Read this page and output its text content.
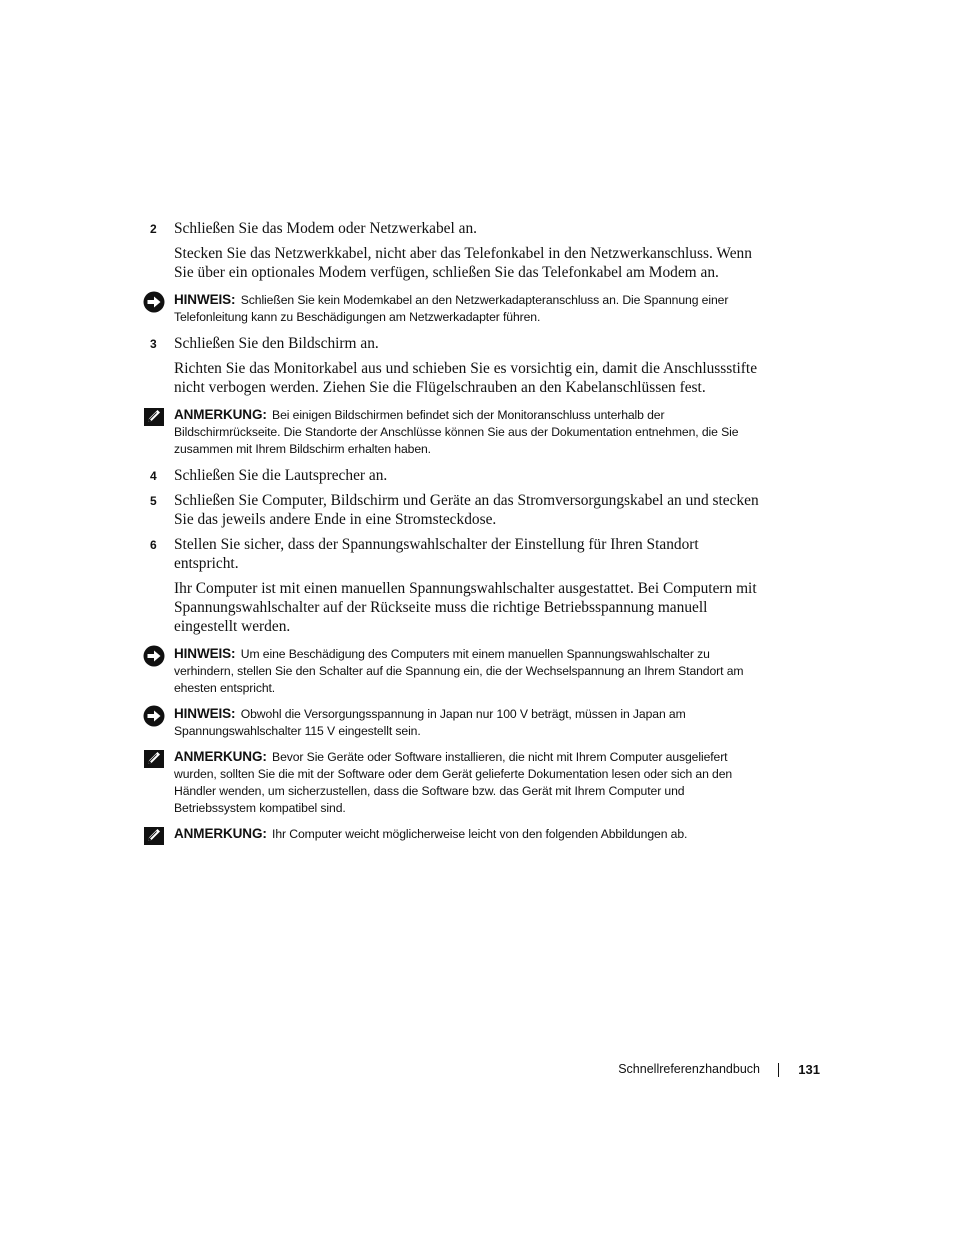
2 Schließen Sie das Modem oder Netzwerkabel an.
Stecken Sie das Netzwerkkabel, nicht aber das Telefonkabel in den Netzwerkanschluss. Wenn Sie über ein optionales Modem verfügen, schließen Sie das Telefonkabel am Modem an.
HINWEIS: Schließen Sie kein Modemkabel an den Netzwerkadapteranschluss an. Die Spannung einer Telefonleitung kann zu Beschädigungen am Netzwerkadapter führen.
3 Schließen Sie den Bildschirm an.
Richten Sie das Monitorkabel aus und schieben Sie es vorsichtig ein, damit die Anschlussstifte nicht verbogen werden. Ziehen Sie die Flügelschrauben an den Kabelanschlüssen fest.
ANMERKUNG: Bei einigen Bildschirmen befindet sich der Monitoranschluss unterhalb der Bildschirmrückseite. Die Standorte der Anschlüsse können Sie aus der Dokumentation entnehmen, die Sie zusammen mit Ihrem Bildschirm erhalten haben.
4 Schließen Sie die Lautsprecher an.
5 Schließen Sie Computer, Bildschirm und Geräte an das Stromversorgungskabel an und stecken Sie das jeweils andere Ende in eine Stromsteckdose.
6 Stellen Sie sicher, dass der Spannungswahlschalter der Einstellung für Ihren Standort entspricht.
Ihr Computer ist mit einen manuellen Spannungswahlschalter ausgestattet. Bei Computern mit Spannungswahlschalter auf der Rückseite muss die richtige Betriebsspannung manuell eingestellt werden.
HINWEIS: Um eine Beschädigung des Computers mit einem manuellen Spannungswahlschalter zu verhindern, stellen Sie den Schalter auf die Spannung ein, die der Wechselspannung an Ihrem Standort am ehesten entspricht.
HINWEIS: Obwohl die Versorgungsspannung in Japan nur 100 V beträgt, müssen in Japan am Spannungswahlschalter 115 V eingestellt sein.
ANMERKUNG: Bevor Sie Geräte oder Software installieren, die nicht mit Ihrem Computer ausgeliefert wurden, sollten Sie die mit der Software oder dem Gerät gelieferte Dokumentation lesen oder sich an den Händler wenden, um sicherzustellen, dass die Software bzw. das Gerät mit Ihrem Computer und Betriebssystem kompatibel sind.
ANMERKUNG: Ihr Computer weicht möglicherweise leicht von den folgenden Abbildungen ab.
Schnellreferenzhandbuch	131
